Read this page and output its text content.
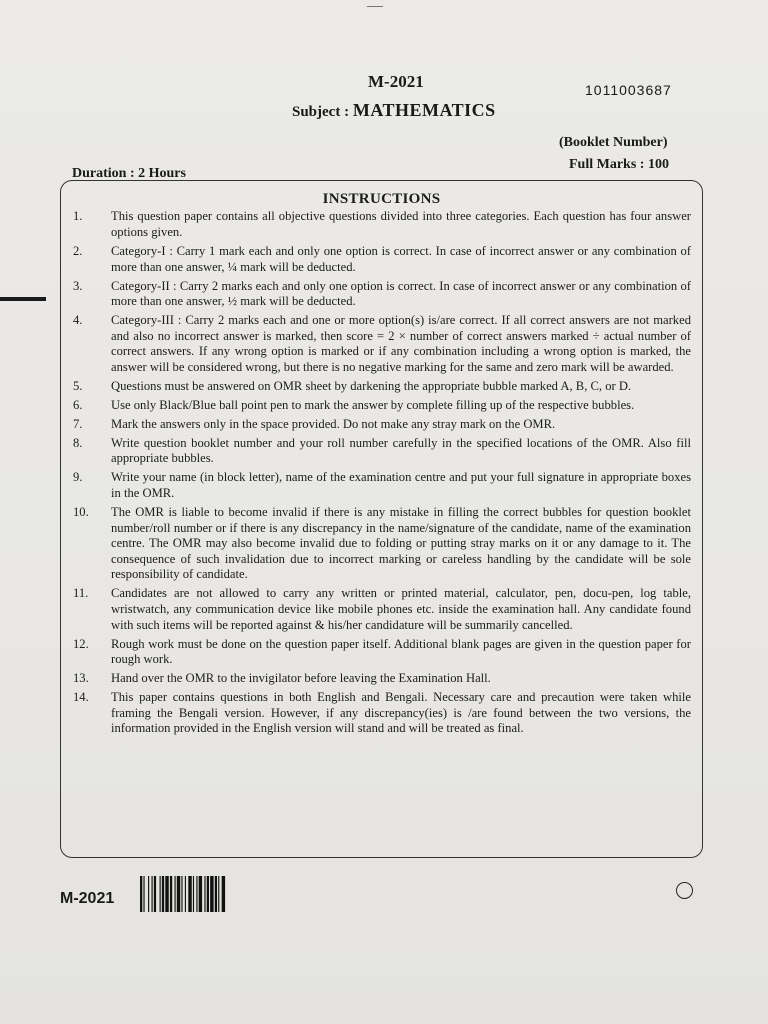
M-2021
Subject : MATHEMATICS
1011003687
(Booklet Number)
Full Marks : 100
Duration : 2 Hours
INSTRUCTIONS
1.	This question paper contains all objective questions divided into three categories. Each question has four answer options given.
2.	Category-I : Carry 1 mark each and only one option is correct. In case of incorrect answer or any combination of more than one answer, ¼ mark will be deducted.
3.	Category-II : Carry 2 marks each and only one option is correct. In case of incorrect answer or any combination of more than one answer, ½ mark will be deducted.
4.	Category-III : Carry 2 marks each and one or more option(s) is/are correct. If all correct answers are not marked and also no incorrect answer is marked, then score = 2 × number of correct answers marked ÷ actual number of correct answers. If any wrong option is marked or if any combination including a wrong option is marked, the answer will be considered wrong, but there is no negative marking for the same and zero mark will be awarded.
5.	Questions must be answered on OMR sheet by darkening the appropriate bubble marked A, B, C, or D.
6.	Use only Black/Blue ball point pen to mark the answer by complete filling up of the respective bubbles.
7.	Mark the answers only in the space provided. Do not make any stray mark on the OMR.
8.	Write question booklet number and your roll number carefully in the specified locations of the OMR. Also fill appropriate bubbles.
9.	Write your name (in block letter), name of the examination centre and put your full signature in appropriate boxes in the OMR.
10.	The OMR is liable to become invalid if there is any mistake in filling the correct bubbles for question booklet number/roll number or if there is any discrepancy in the name/signature of the candidate, name of the examination centre. The OMR may also become invalid due to folding or putting stray marks on it or any damage to it. The consequence of such invalidation due to incorrect marking or careless handling by the candidate will be sole responsibility of candidate.
11.	Candidates are not allowed to carry any written or printed material, calculator, pen, docu-pen, log table, wristwatch, any communication device like mobile phones etc. inside the examination hall. Any candidate found with such items will be reported against & his/her candidature will be summarily cancelled.
12.	Rough work must be done on the question paper itself. Additional blank pages are given in the question paper for rough work.
13.	Hand over the OMR to the invigilator before leaving the Examination Hall.
14.	This paper contains questions in both English and Bengali. Necessary care and precaution were taken while framing the Bengali version. However, if any discrepancy(ies) is /are found between the two versions, the information provided in the English version will stand and will be treated as final.
M-2021
